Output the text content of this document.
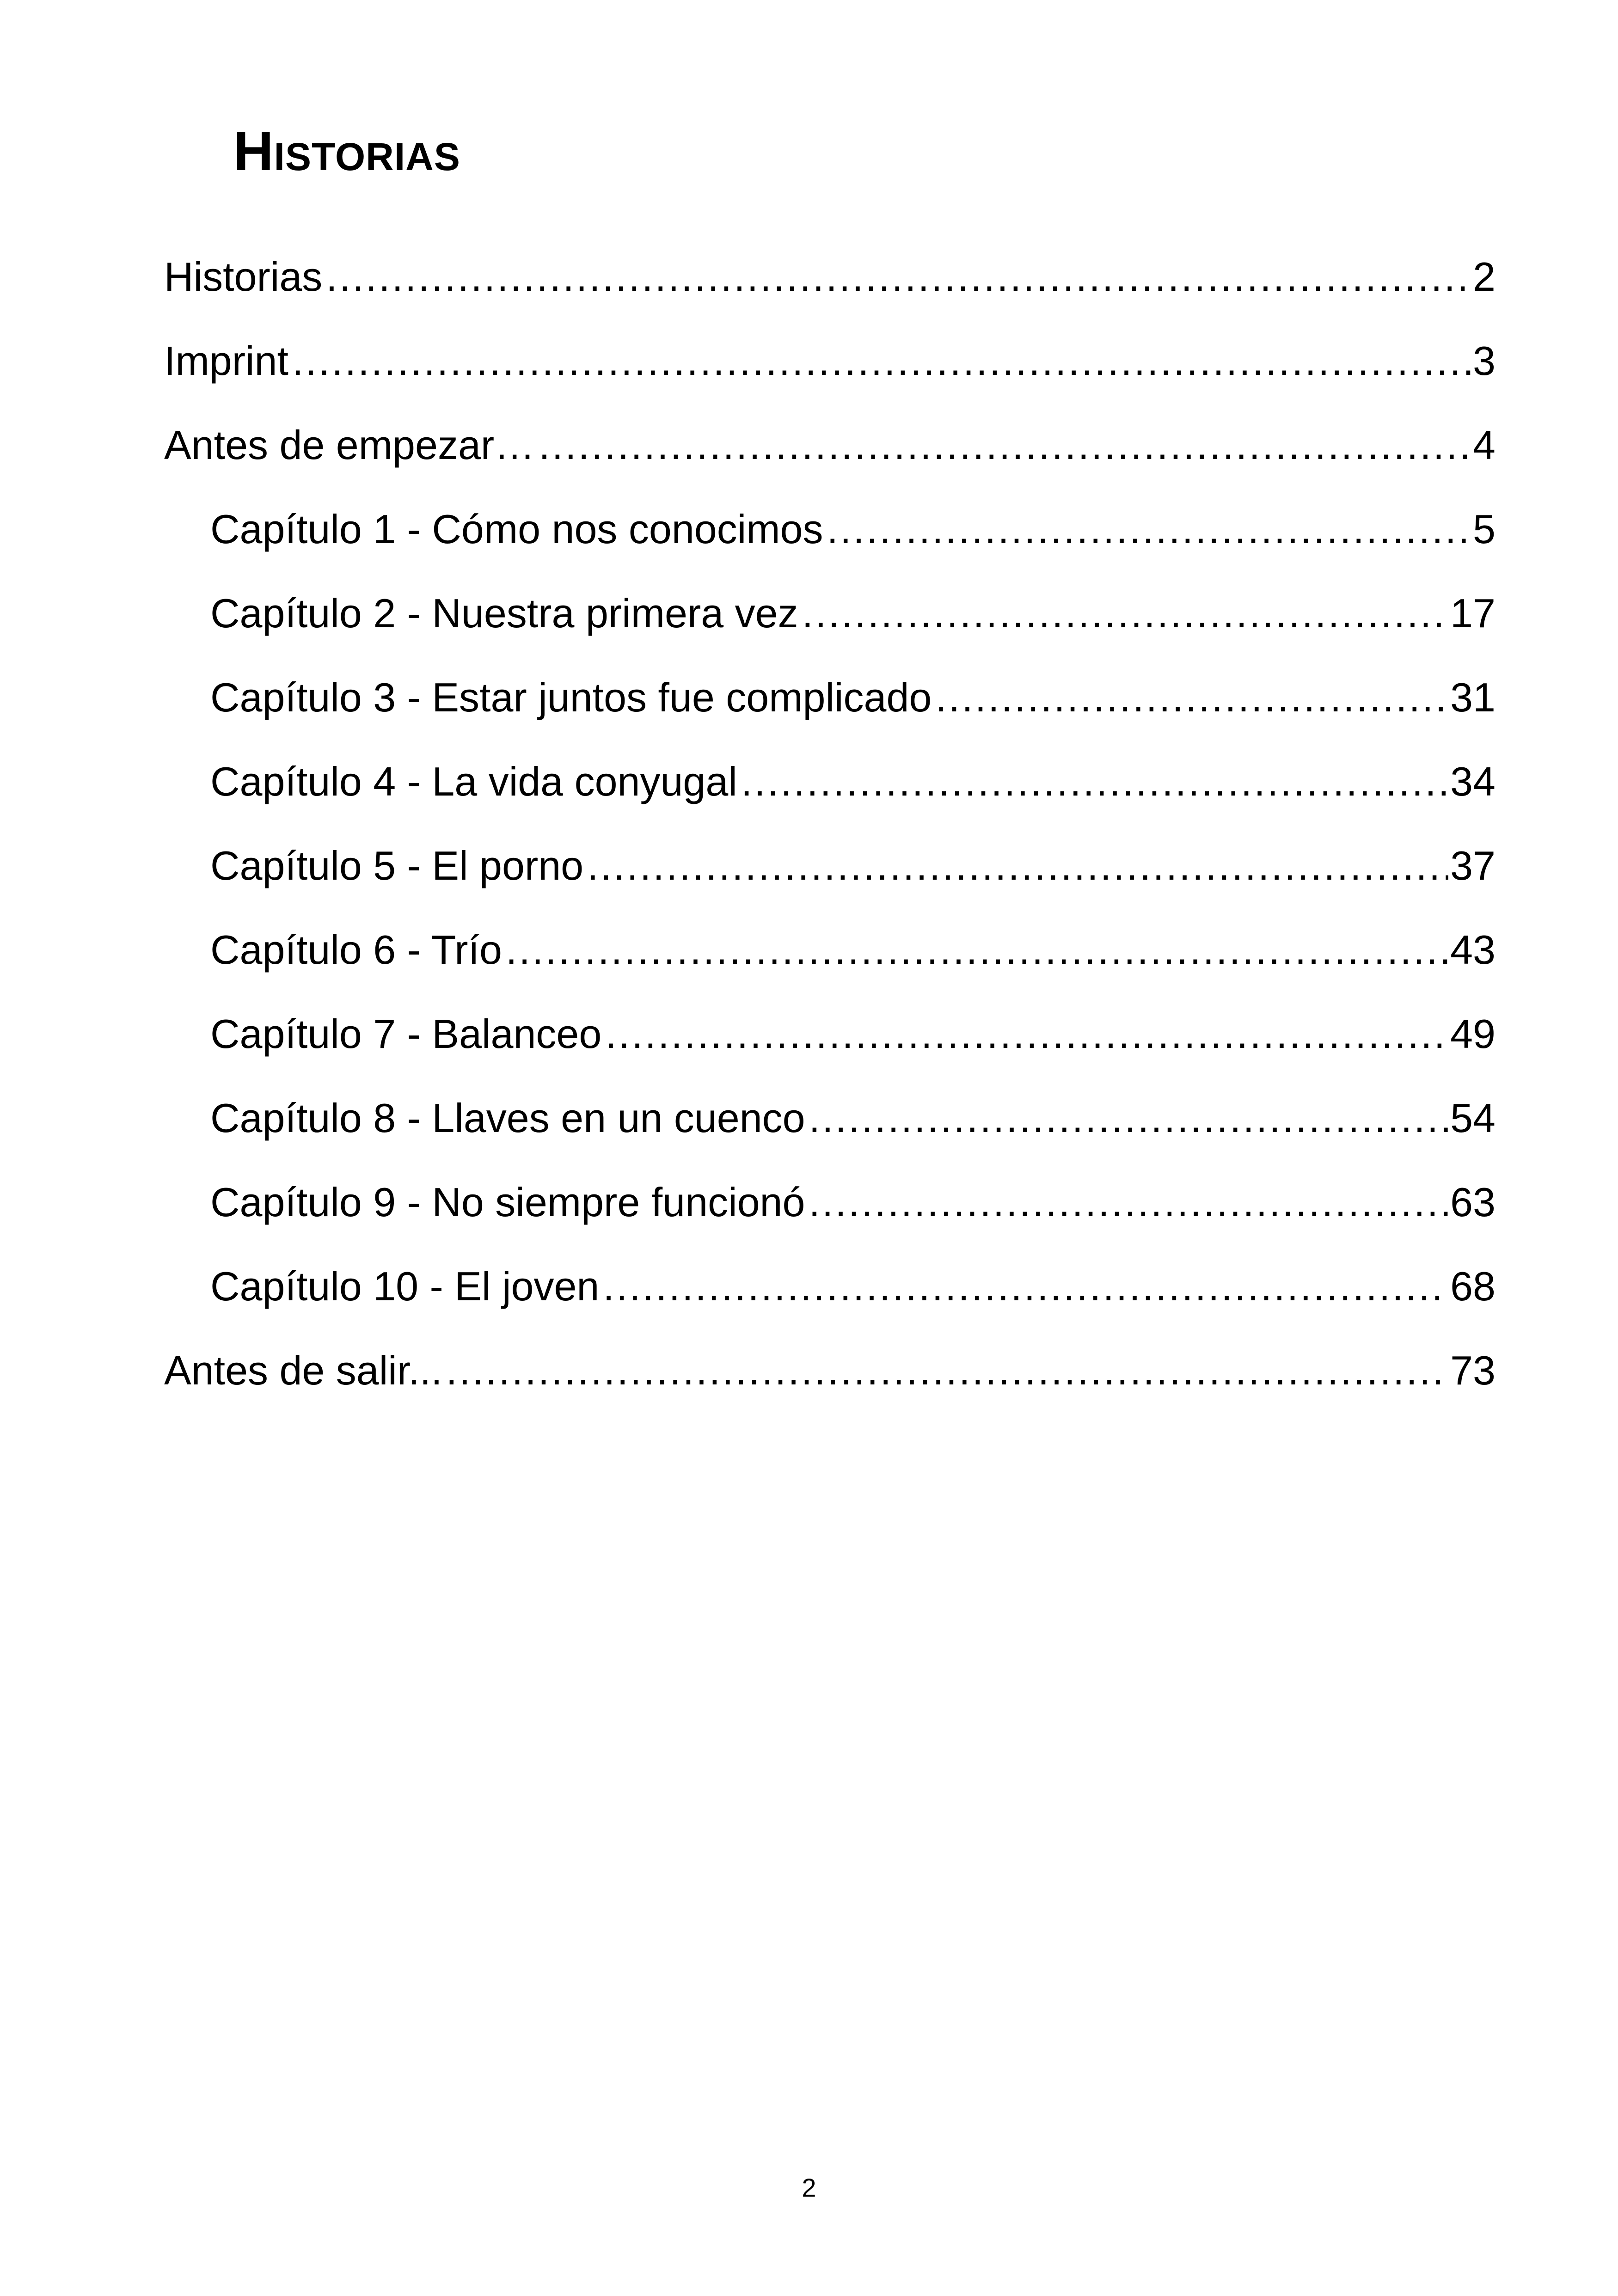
Historias
Historias .....	2
Imprint .....	3
Antes de empezar… .....	4
Capítulo 1 - Cómo nos conocimos .....	5
Capítulo 2 - Nuestra primera vez .....	17
Capítulo 3 - Estar juntos fue complicado .....	31
Capítulo 4 - La vida conyugal .....	34
Capítulo 5 - El porno .....	37
Capítulo 6 - Trío .....	43
Capítulo 7 - Balanceo .....	49
Capítulo 8 - Llaves en un cuenco .....	54
Capítulo 9 - No siempre funcionó .....	63
Capítulo 10 - El joven .....	68
Antes de salir... .....	73

2
